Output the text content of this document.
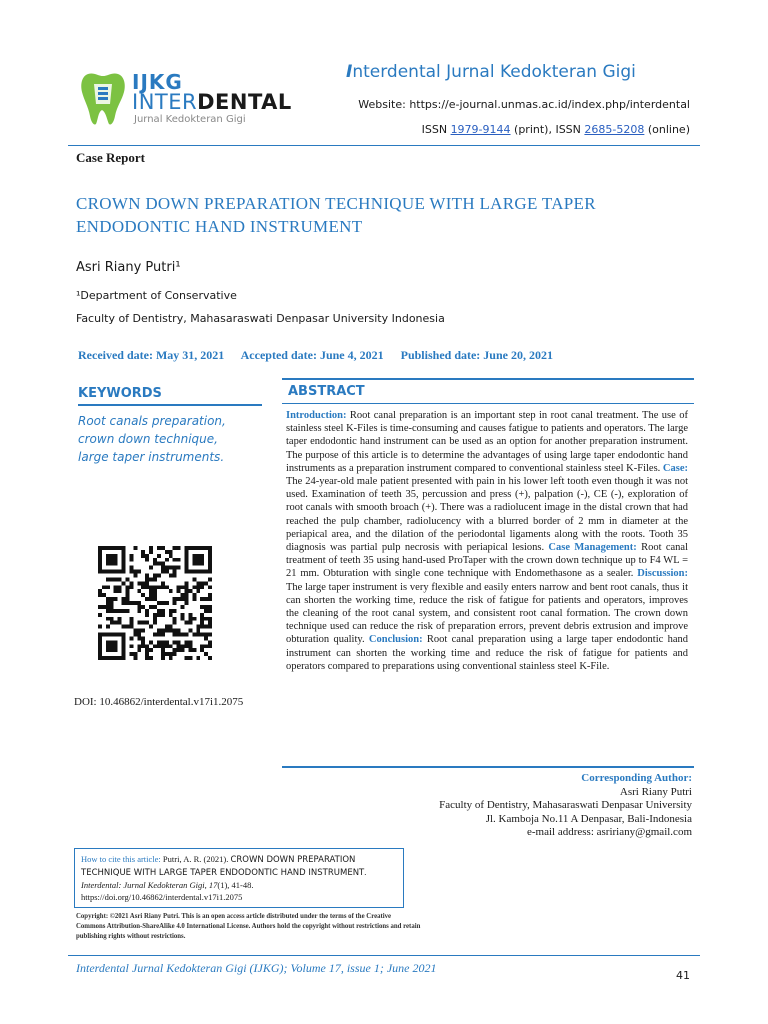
IJKG
INTERDENTAL
Jurnal Kedokteran Gigi
Interdental Jurnal Kedokteran Gigi
Website: https://e-journal.unmas.ac.id/index.php/interdental
ISSN 1979-9144 (print), ISSN 2685-5208 (online)
Case Report
CROWN DOWN PREPARATION TECHNIQUE WITH LARGE TAPER
ENDODONTIC HAND INSTRUMENT
Asri Riany Putri¹
¹Department of Conservative
Faculty of Dentistry, Mahasaraswati Denpasar University Indonesia
Received date: May 31, 2021 Accepted date: June 4, 2021 Published date: June 20, 2021
KEYWORDS
Root canals preparation,
crown down technique,
large taper instruments.
DOI: 10.46862/interdental.v17i1.2075
ABSTRACT
Introduction: Root canal preparation is an important step in root canal treatment. The use of stainless steel K-Files is time-consuming and causes fatigue to patients and operators. The large taper endodontic hand instrument can be used as an option for another preparation instrument. The purpose of this article is to determine the advantages of using large taper endodontic hand instruments as a preparation instrument compared to conventional stainless steel K-Files. Case: The 24-year-old male patient presented with pain in his lower left tooth even though it was not used. Examination of teeth 35, percussion and press (+), palpation (-), CE (-), exploration of root canals with smooth broach (+). There was a radiolucent image in the distal crown that had reached the pulp chamber, radiolucency with a blurred border of 2 mm in diameter at the periapical area, and the dilation of the periodontal ligaments along with the roots. Tooth 35 diagnosis was partial pulp necrosis with periapical lesions. Case Management: Root canal treatment of teeth 35 using hand-used ProTaper with the crown down technique up to F4 WL = 21 mm. Obturation with single cone technique with Endomethasone as a sealer. Discussion: The large taper instrument is very flexible and easily enters narrow and bent root canals, thus it can shorten the working time, reduce the risk of fatigue for patients and operators, improves the cleaning of the root canal system, and consistent root canal formation. The crown down technique used can reduce the risk of preparation errors, prevent debris extrusion and improve obturation quality. Conclusion: Root canal preparation using a large taper endodontic hand instrument can shorten the working time and reduce the risk of fatigue for patients and operators compared to preparations using conventional stainless steel K-File.
Corresponding Author:
Asri Riany Putri
Faculty of Dentistry, Mahasaraswati Denpasar University
Jl. Kamboja No.11 A Denpasar, Bali-Indonesia
e-mail address: asririany@gmail.com
How to cite this article: Putri, A. R. (2021). CROWN DOWN PREPARATION TECHNIQUE WITH LARGE TAPER ENDODONTIC HAND INSTRUMENT. Interdental: Jurnal Kedokteran Gigi, 17(1), 41-48. https://doi.org/10.46862/interdental.v17i1.2075
Copyright: ©2021 Asri Riany Putri. This is an open access article distributed under the terms of the Creative Commons Attribution-ShareAlike 4.0 International License. Authors hold the copyright without restrictions and retain publishing rights without restrictions.
Interdental Jurnal Kedokteran Gigi (IJKG); Volume 17, issue 1; June 2021
41
